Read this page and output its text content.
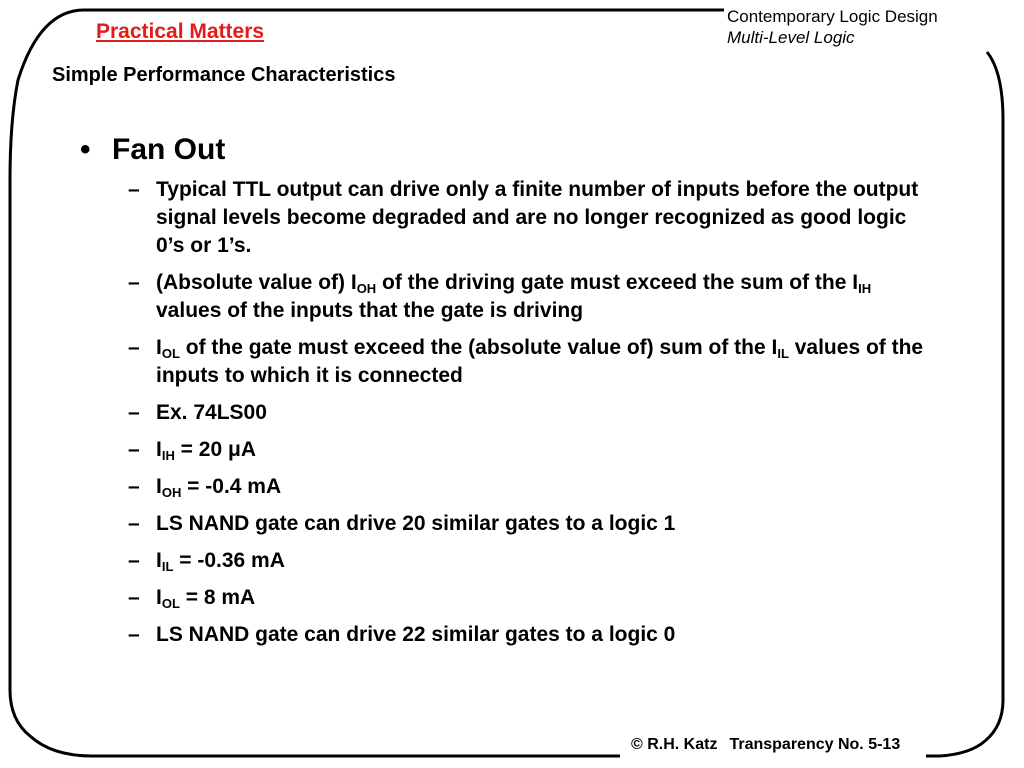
Practical Matters
Contemporary Logic Design
Multi-Level Logic
Simple Performance Characteristics
• Fan Out
– Typical TTL output can drive only a finite number of inputs before the output signal levels become degraded and are no longer recognized as good logic 0’s or 1’s.
– (Absolute value of) $I_{OH}$ of the driving gate must exceed the sum of the $I_{IH}$ values of the inputs that the gate is driving
– $I_{OL}$ of the gate must exceed the (absolute value of) sum of the $I_{IL}$ values of the inputs to which it is connected
– Ex. 74LS00
– $I_{IH} = 20$ μA
– $I_{OH} = -0.4$ mA
– LS NAND gate can drive 20 similar gates to a logic 1
– $I_{IL} = -0.36$ mA
– $I_{OL} = 8$ mA
– LS NAND gate can drive 22 similar gates to a logic 0
© R.H. Katz Transparency No. 5-13
